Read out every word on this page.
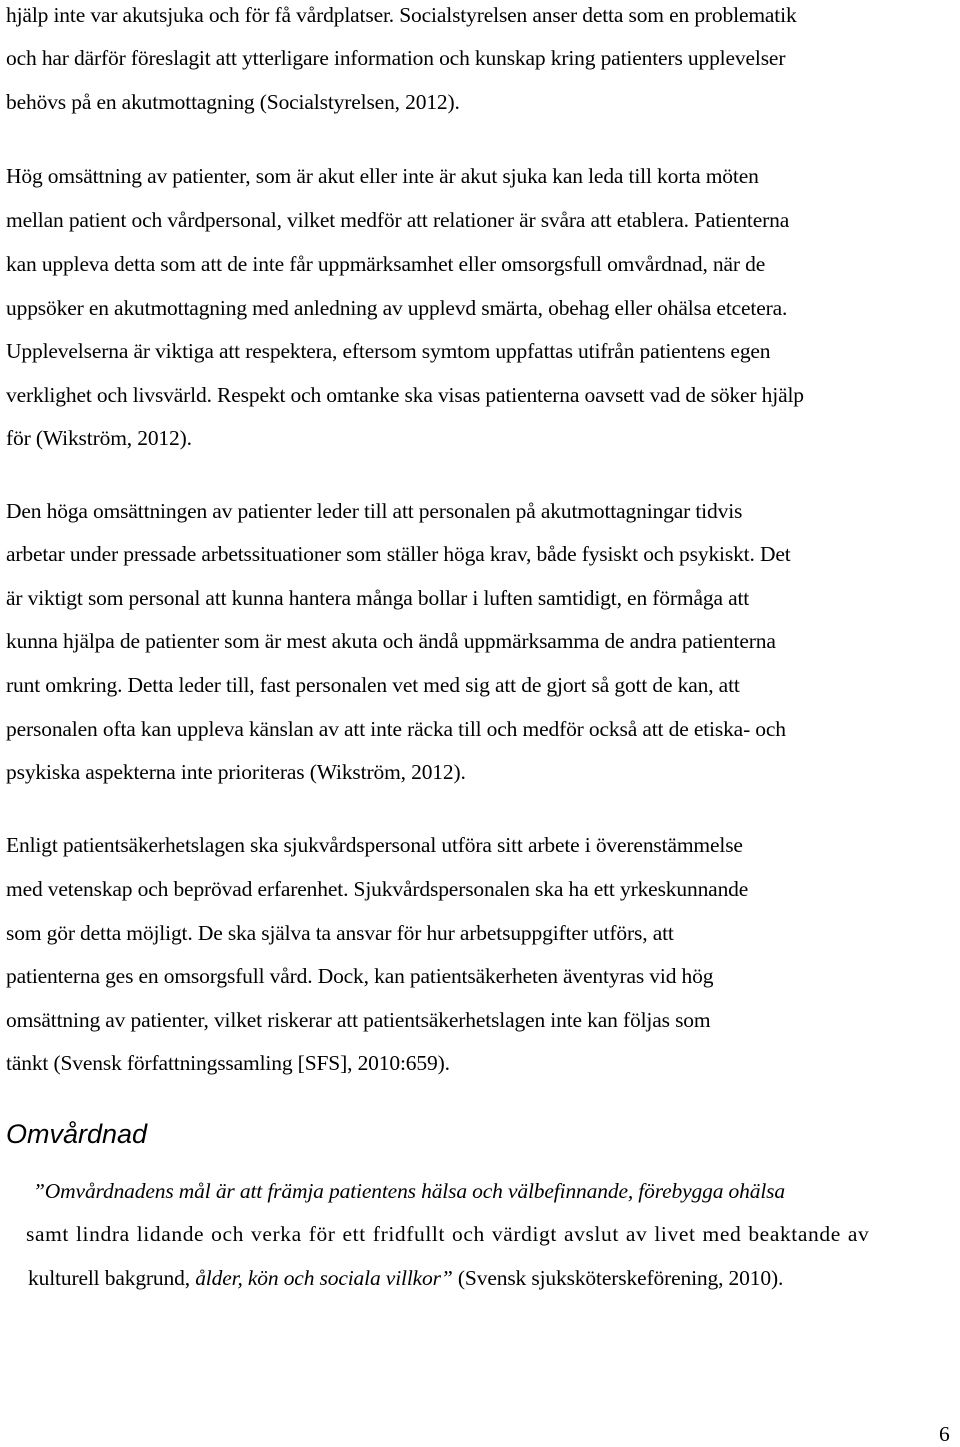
hjälp inte var akutsjuka och för få vårdplatser. Socialstyrelsen anser detta som en problematik

och har därför föreslagit att ytterligare information och kunskap kring patienters upplevelser

behövs på en akutmottagning (Socialstyrelsen, 2012).

Hög omsättning av patienter, som är akut eller inte är akut sjuka kan leda till korta möten

mellan patient och vårdpersonal, vilket medför att relationer är svåra att etablera. Patienterna

kan uppleva detta som att de inte får uppmärksamhet eller omsorgsfull omvårdnad, när de

uppsöker en akutmottagning med anledning av upplevd smärta, obehag eller ohälsa etcetera.

Upplevelserna är viktiga att respektera, eftersom symtom uppfattas utifrån patientens egen

verklighet och livsvärld. Respekt och omtanke ska visas patienterna oavsett vad de söker hjälp

för (Wikström, 2012).

Den höga omsättningen av patienter leder till att personalen på akutmottagningar tidvis

arbetar under pressade arbetssituationer som ställer höga krav, både fysiskt och psykiskt. Det

är viktigt som personal att kunna hantera många bollar i luften samtidigt, en förmåga att

kunna hjälpa de patienter som är mest akuta och ändå uppmärksamma de andra patienterna

runt omkring. Detta leder till, fast personalen vet med sig att de gjort så gott de kan, att

personalen ofta kan uppleva känslan av att inte räcka till och medför också att de etiska- och

psykiska aspekterna inte prioriteras (Wikström, 2012).

Enligt patientsäkerhetslagen ska sjukvårdspersonal utföra sitt arbete i överenstämmelse

med vetenskap och beprövad erfarenhet. Sjukvårdspersonalen ska ha ett yrkeskunnande

som gör detta möjligt. De ska själva ta ansvar för hur arbetsuppgifter utförs, att

patienterna ges en omsorgsfull vård. Dock, kan patientsäkerheten äventyras vid hög

omsättning av patienter, vilket riskerar att patientsäkerhetslagen inte kan följas som

tänkt (Svensk författningssamling [SFS], 2010:659).

Omvårdnad

”Omvårdnadens mål är att främja patientens hälsa och välbefinnande, förebygga ohälsa

samt lindra lidande och verka för ett fridfullt och värdigt avslut av livet med beaktande av

kulturell bakgrund, ålder, kön och sociala villkor” (Svensk sjuksköterskeförening, 2010).

6
